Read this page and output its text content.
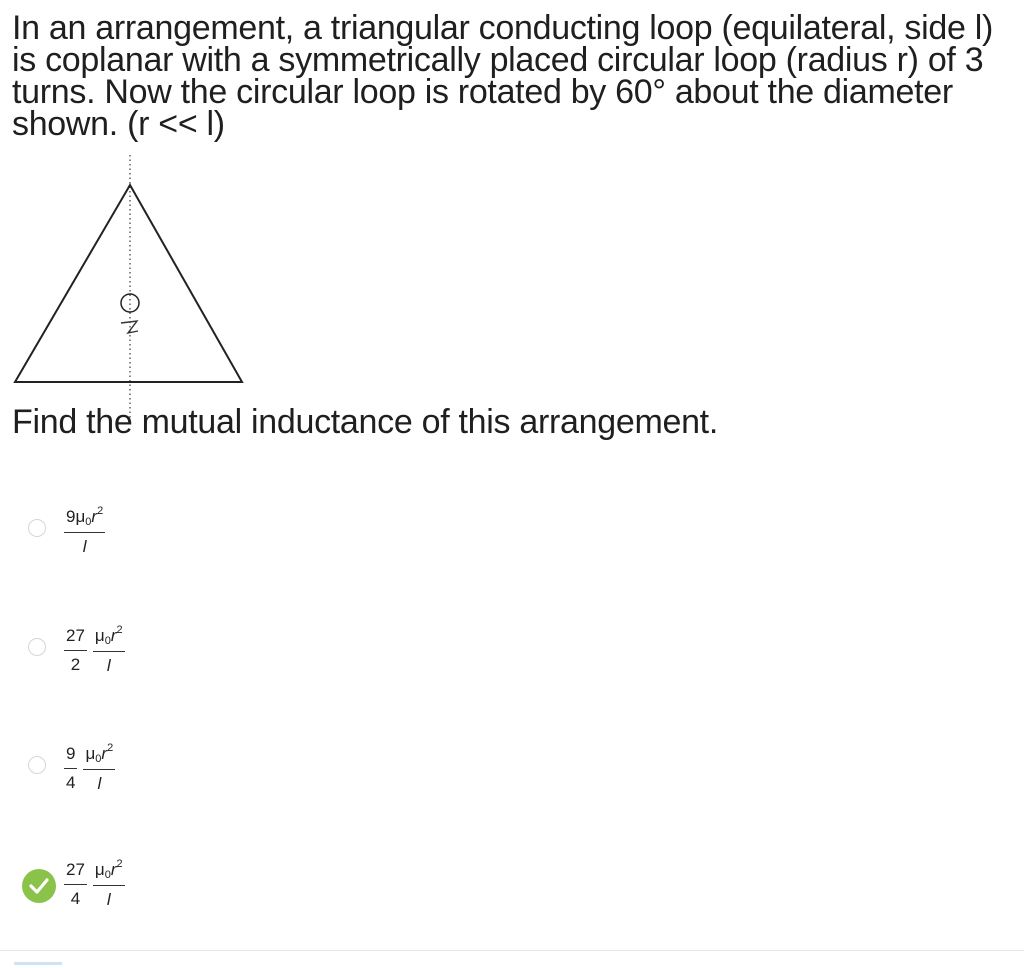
In an arrangement, a triangular conducting loop (equilateral, side l)

is coplanar with a symmetrically placed circular loop (radius r) of 3

turns. Now the circular loop is rotated by 60° about the diameter

shown. (r << l)

Find the mutual inductance of this arrangement.
$\frac{9\mu_0r^2}{l}$
$\frac{27}{2} \frac{\mu_0r^2}{l}$
$\frac{9}{4} \frac{\mu_0r^2}{l}$
$\frac{27}{4} \frac{\mu_0r^2}{l}$
